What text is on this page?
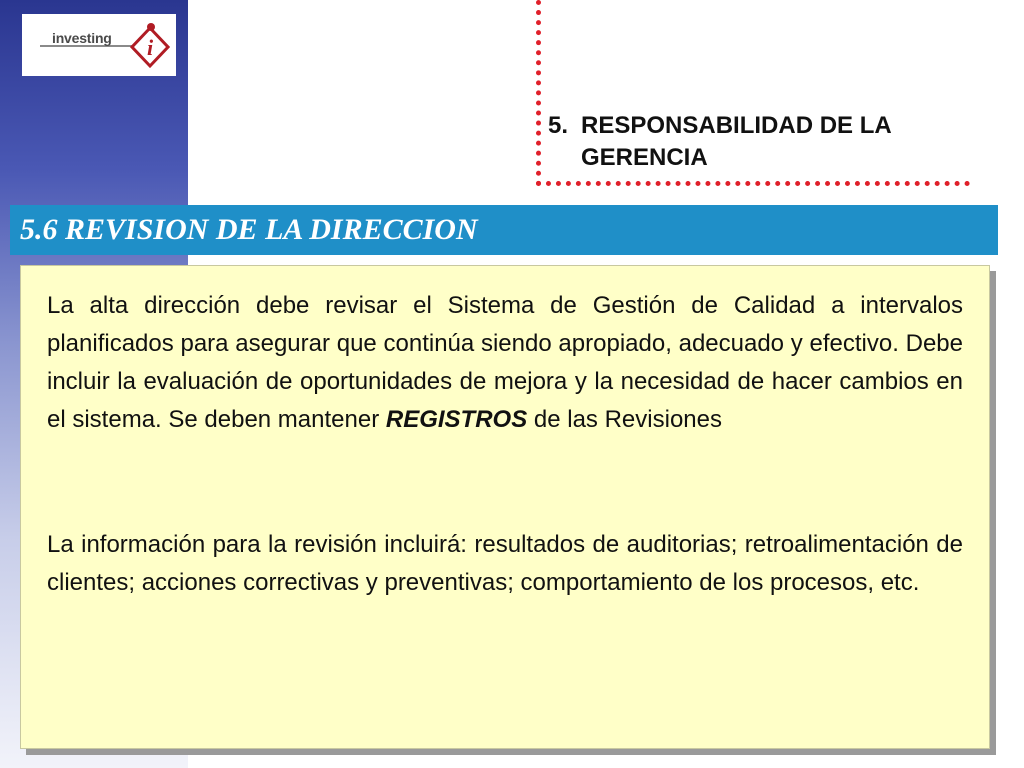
investing i
5. RESPONSABILIDAD DE LA GERENCIA
5.6 REVISION DE LA DIRECCION

La alta dirección debe revisar el Sistema de Gestión de Calidad a intervalos planificados para asegurar que continúa siendo apropiado, adecuado y efectivo. Debe incluir la evaluación de oportunidades de mejora y la necesidad de hacer cambios en el sistema. Se deben mantener REGISTROS de las Revisiones

La información para la revisión incluirá: resultados de auditorias; retroalimentación de clientes; acciones correctivas y preventivas; comportamiento de los procesos, etc.
